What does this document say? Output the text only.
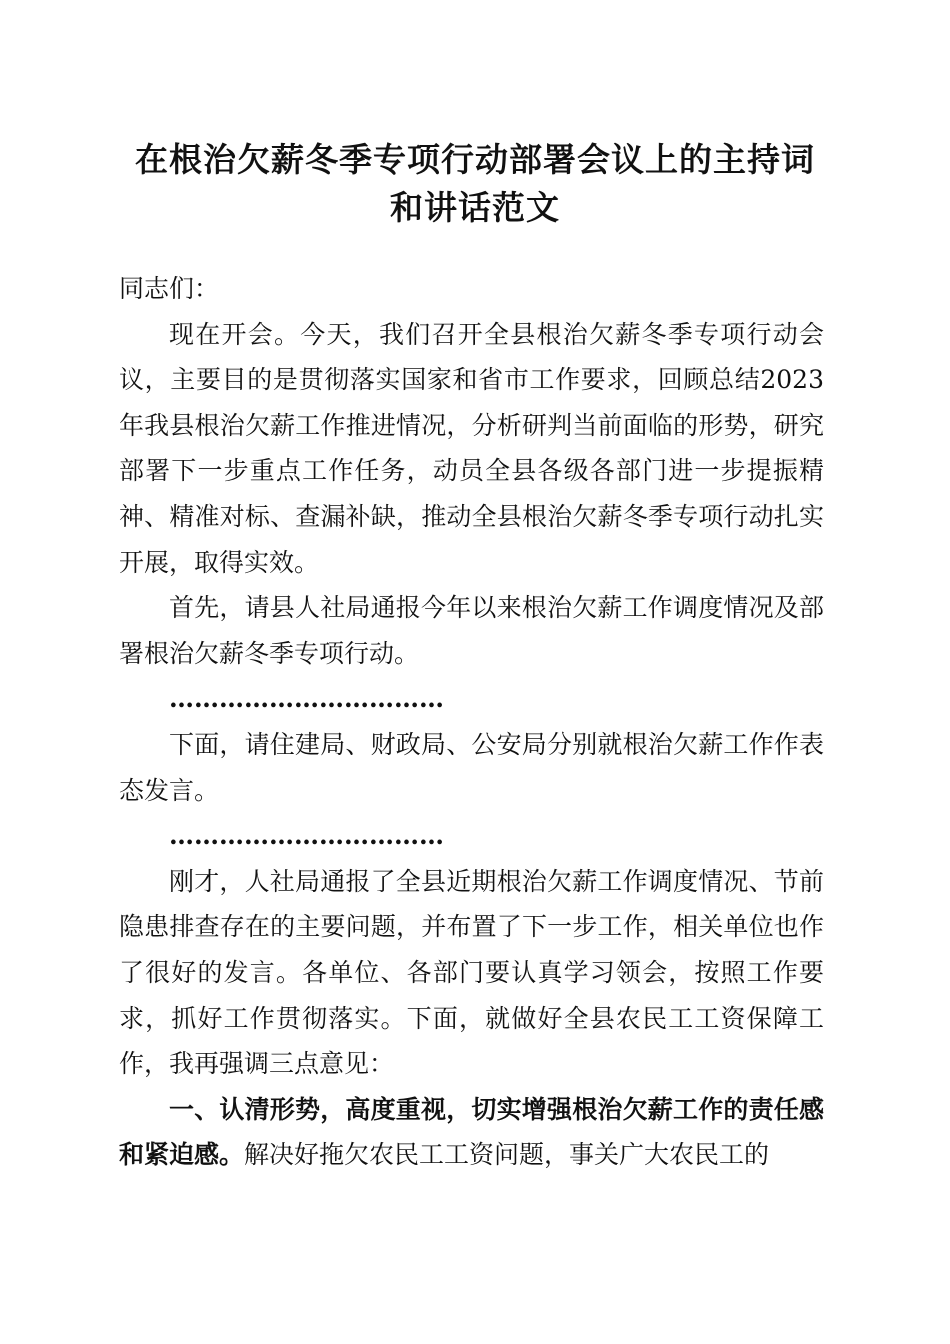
在根治欠薪冬季专项行动部署会议上的主持词
和讲话范文

同志们：

现在开会。今天，我们召开全县根治欠薪冬季专项行动会议，主要目的是贯彻落实国家和省市工作要求，回顾总结2023年我县根治欠薪工作推进情况，分析研判当前面临的形势，研究部署下一步重点工作任务，动员全县各级各部门进一步提振精神、精准对标、查漏补缺，推动全县根治欠薪冬季专项行动扎实开展，取得实效。

首先，请县人社局通报今年以来根治欠薪工作调度情况及部署根治欠薪冬季专项行动。

……………………………

下面，请住建局、财政局、公安局分别就根治欠薪工作作表态发言。

……………………………

刚才，人社局通报了全县近期根治欠薪工作调度情况、节前隐患排查存在的主要问题，并布置了下一步工作，相关单位也作了很好的发言。各单位、各部门要认真学习领会，按照工作要求，抓好工作贯彻落实。下面，就做好全县农民工工资保障工作，我再强调三点意见：

一、认清形势，高度重视，切实增强根治欠薪工作的责任感和紧迫感。解决好拖欠农民工工资问题，事关广大农民工的
